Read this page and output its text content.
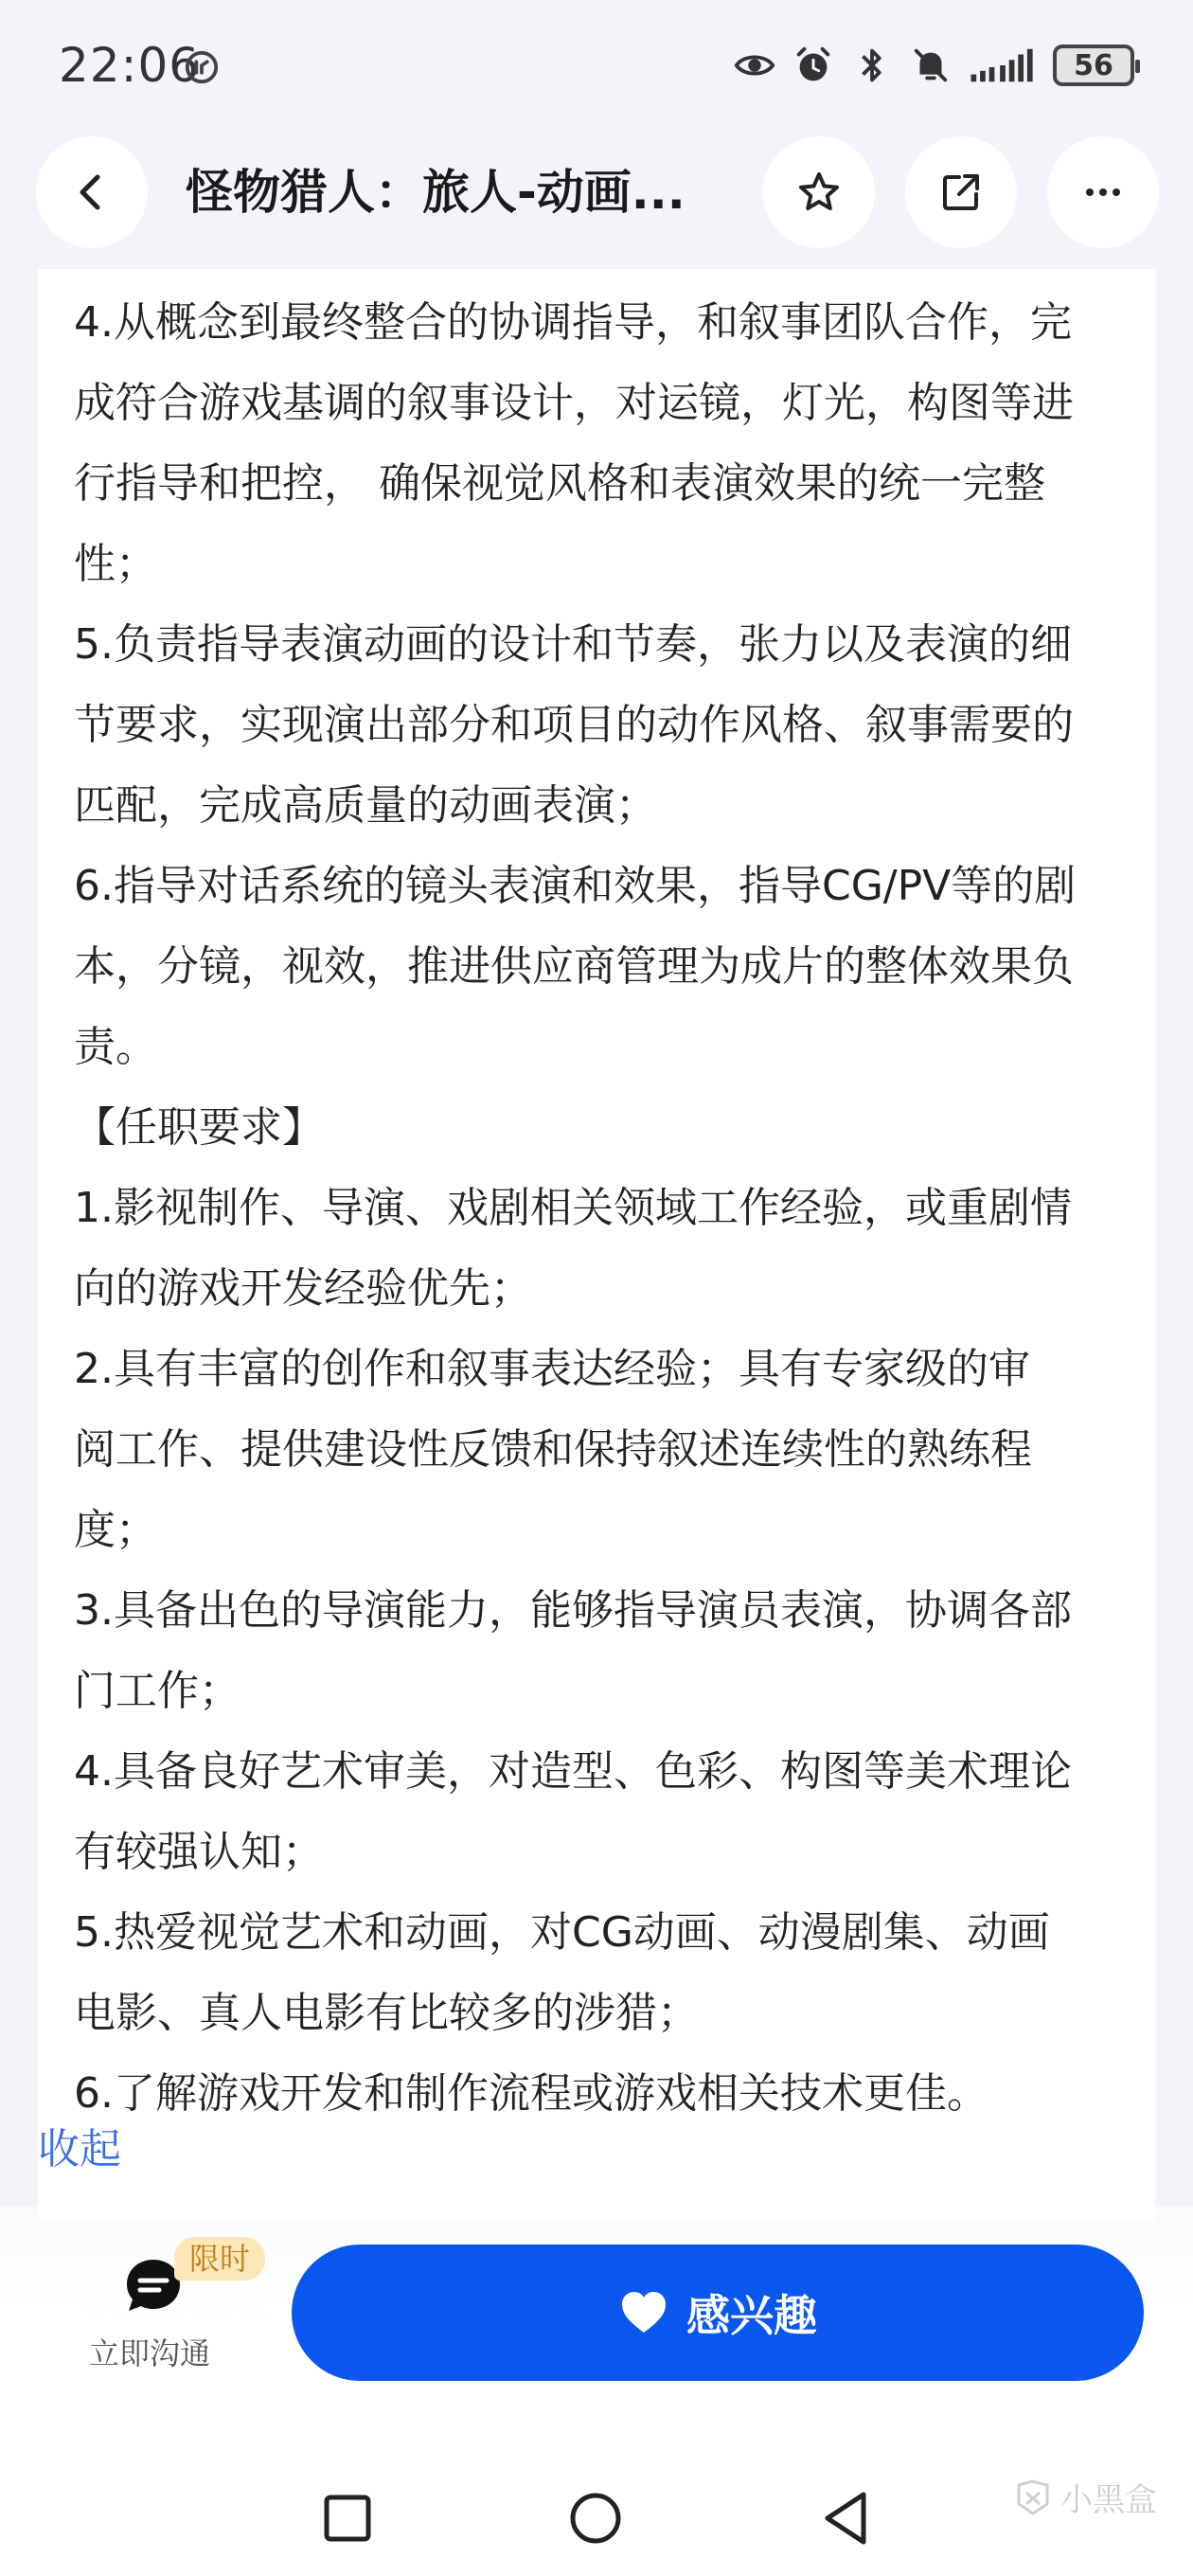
22:06	56
怪物猎人：旅人-动画...
4.从概念到最终整合的协调指导，和叙事团队合作，完
成符合游戏基调的叙事设计，对运镜，灯光，构图等进
行指导和把控， 确保视觉风格和表演效果的统一完整
性；
5.负责指导表演动画的设计和节奏，张力以及表演的细
节要求，实现演出部分和项目的动作风格、叙事需要的
匹配，完成高质量的动画表演；
6.指导对话系统的镜头表演和效果，指导CG/PV等的剧
本，分镜，视效，推进供应商管理为成片的整体效果负
责。
【任职要求】
1.影视制作、导演、戏剧相关领域工作经验，或重剧情
向的游戏开发经验优先；
2.具有丰富的创作和叙事表达经验；具有专家级的审
阅工作、提供建设性反馈和保持叙述连续性的熟练程
度；
3.具备出色的导演能力，能够指导演员表演，协调各部
门工作；
4.具备良好艺术审美，对造型、色彩、构图等美术理论
有较强认知；
5.热爱视觉艺术和动画，对CG动画、动漫剧集、动画
电影、真人电影有比较多的涉猎；
6.了解游戏开发和制作流程或游戏相关技术更佳。
收起
限时
立即沟通
感兴趣
小黑盒
